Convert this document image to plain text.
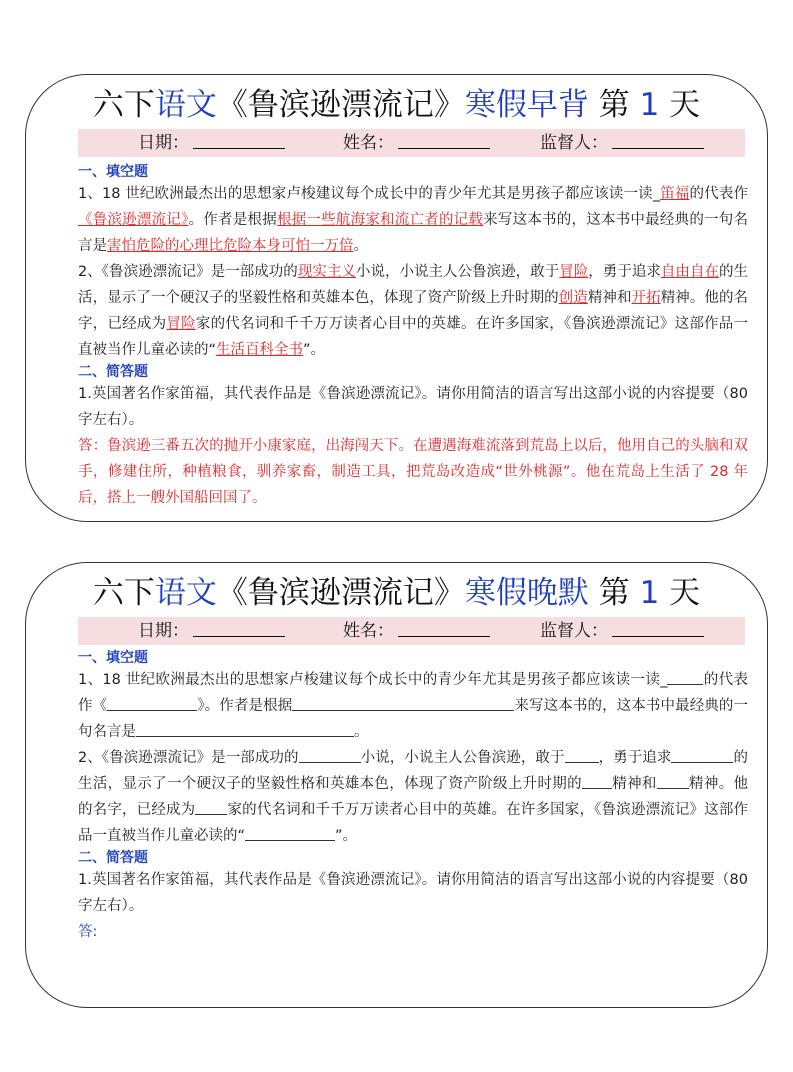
六下语文《鲁滨逊漂流记》寒假早背 第 1 天
日期：	姓名：	监督人：
一、填空题
1、18 世纪欧洲最杰出的思想家卢梭建议每个成长中的青少年尤其是男孩子都应该读一读_笛福的代表作《鲁滨逊漂流记》。作者是根据根据一些航海家和流亡者的记载来写这本书的，这本书中最经典的一句名言是害怕危险的心理比危险本身可怕一万倍。
2、《鲁滨逊漂流记》是一部成功的现实主义小说，小说主人公鲁滨逊，敢于冒险，勇于追求自由自在的生活，显示了一个硬汉子的坚毅性格和英雄本色，体现了资产阶级上升时期的创造精神和开拓精神。他的名字，已经成为冒险家的代名词和千千万万读者心目中的英雄。在许多国家，《鲁滨逊漂流记》这部作品一直被当作儿童必读的“生活百科全书”。
二、简答题
1.英国著名作家笛福，其代表作品是《鲁滨逊漂流记》。请你用简洁的语言写出这部小说的内容提要（80 字左右）。
答：鲁滨逊三番五次的抛开小康家庭，出海闯天下。在遭遇海难流落到荒岛上以后，他用自己的头脑和双手，修建住所，种植粮食，驯养家畜，制造工具，把荒岛改造成“世外桃源”。他在荒岛上生活了 28 年后，搭上一艘外国船回国了。
六下语文《鲁滨逊漂流记》寒假晚默 第 1 天
日期：	姓名：	监督人：
一、填空题
1、18 世纪欧洲最杰出的思想家卢梭建议每个成长中的青少年尤其是男孩子都应该读一读_ 的代表作《	》。作者是根据	来写这本书的，这本书中最经典的一句名言是	。
2、《鲁滨逊漂流记》是一部成功的	小说，小说主人公鲁滨逊，敢于 ，勇于追求	的生活，显示了一个硬汉子的坚毅性格和英雄本色，体现了资产阶级上升时期的 精神和 精神。他的名字，已经成为 家的代名词和千千万万读者心目中的英雄。在许多国家，《鲁滨逊漂流记》这部作品一直被当作儿童必读的“	”。
二、简答题
1.英国著名作家笛福，其代表作品是《鲁滨逊漂流记》。请你用简洁的语言写出这部小说的内容提要（80 字左右）。
答:
